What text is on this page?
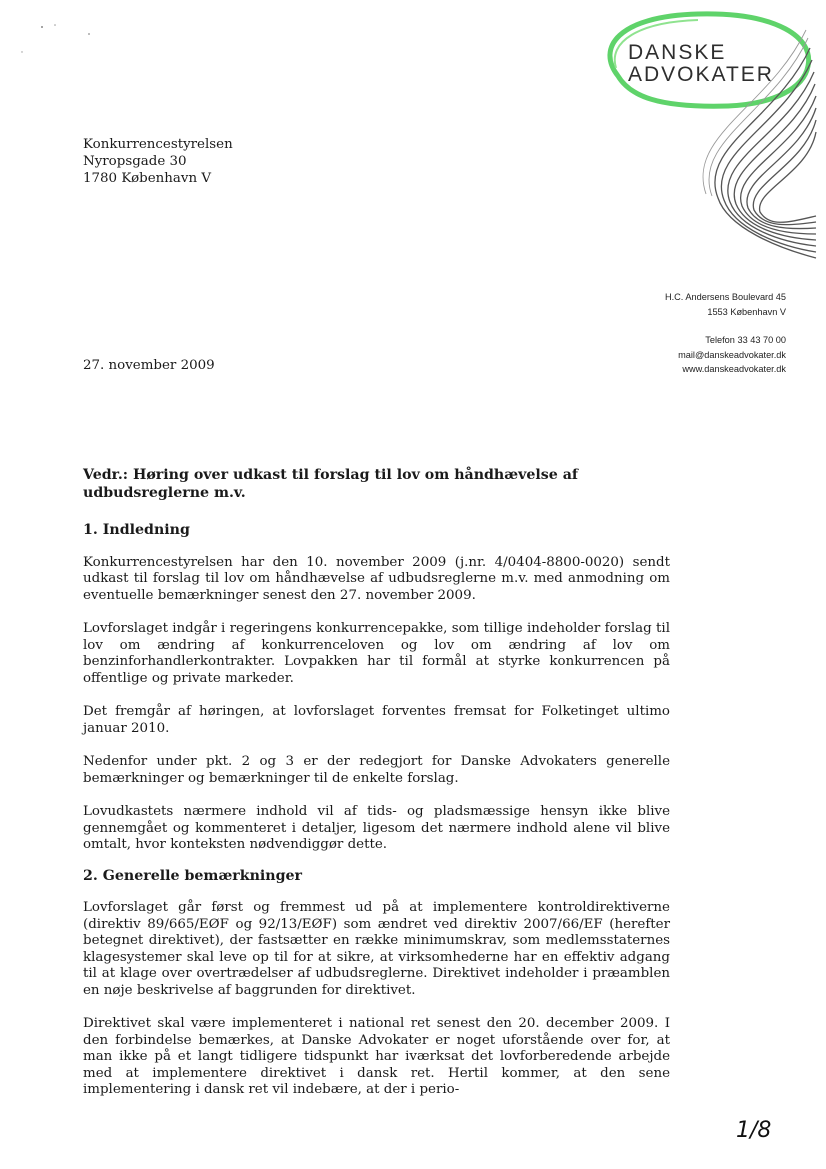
DANSKE
ADVOKATER
Konkurrencestyrelsen
Nyropsgade 30
1780 København V
H.C. Andersens Boulevard 45
1553 København V
Telefon 33 43 70 00
mail@danskeadvokater.dk
www.danskeadvokater.dk
27. november 2009
Vedr.: Høring over udkast til forslag til lov om håndhævelse af udbudsreglerne m.v.
1. Indledning

Konkurrencestyrelsen har den 10. november 2009 (j.nr. 4/0404-8800-0020) sendt udkast til forslag til lov om håndhævelse af udbudsreglerne m.v. med anmodning om eventuelle bemærkninger senest den 27. november 2009.

Lovforslaget indgår i regeringens konkurrencepakke, som tillige indeholder forslag til lov om ændring af konkurrenceloven og lov om ændring af lov om benzinforhandlerkontrakter. Lovpakken har til formål at styrke konkurrencen på offentlige og private markeder.

Det fremgår af høringen, at lovforslaget forventes fremsat for Folketinget ultimo januar 2010.

Nedenfor under pkt. 2 og 3 er der redegjort for Danske Advokaters generelle bemærkninger og bemærkninger til de enkelte forslag.

Lovudkastets nærmere indhold vil af tids- og pladsmæssige hensyn ikke blive gennemgået og kommenteret i detaljer, ligesom det nærmere indhold alene vil blive omtalt, hvor konteksten nødvendiggør dette.

2. Generelle bemærkninger

Lovforslaget går først og fremmest ud på at implementere kontroldirektiverne (direktiv 89/665/EØF og 92/13/EØF) som ændret ved direktiv 2007/66/EF (herefter betegnet direktivet), der fastsætter en række minimumskrav, som medlemsstaternes klagesystemer skal leve op til for at sikre, at virksomhederne har en effektiv adgang til at klage over overtrædelser af udbudsreglerne. Direktivet indeholder i præamblen en nøje beskrivelse af baggrunden for direktivet.

Direktivet skal være implementeret i national ret senest den 20. december 2009. I den forbindelse bemærkes, at Danske Advokater er noget uforstående over for, at man ikke på et langt tidligere tidspunkt har iværksat det lovforberedende arbejde med at implementere direktivet i dansk ret. Hertil kommer, at den sene implementering i dansk ret vil indebære, at der i perio-

1/8
